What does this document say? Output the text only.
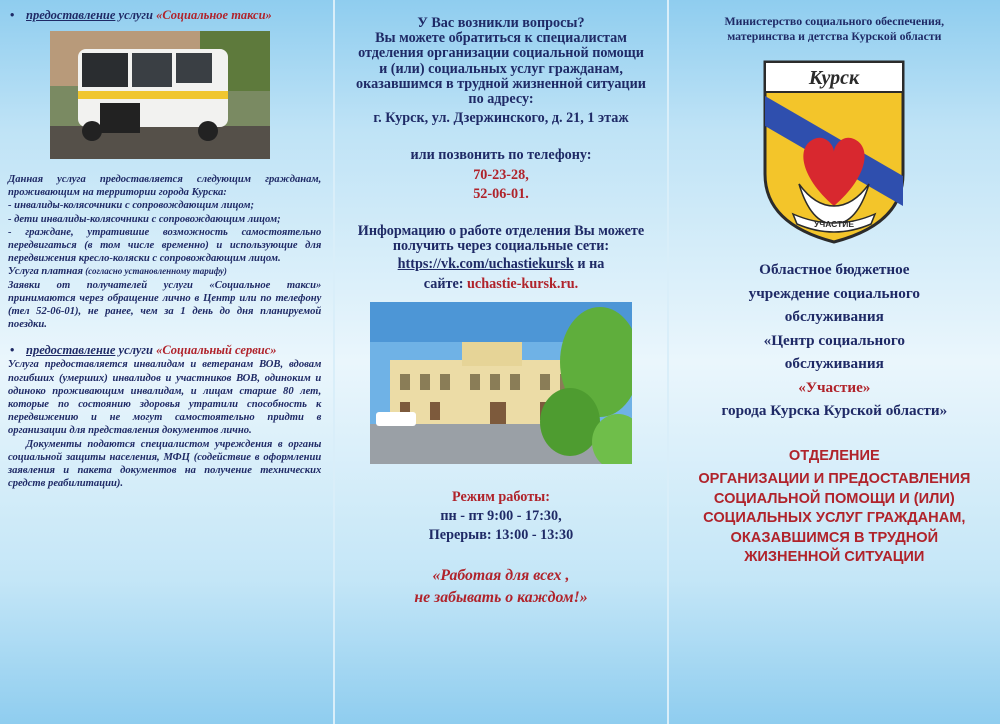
• предоставление услуги «Социальное такси»

Данная услуга предоставляется следующим гражданам, проживающим на территории города Курска:

- инвалиды-колясочники с сопровождающим лицом;

- дети инвалиды-колясочники с сопровождающим лицом;

- граждане, утратившие возможность самостоятельно передвигаться (в том числе временно) и использующие для передвижения кресло-коляски с сопровождающим лицом.

Услуга платная (согласно установленному тарифу)

Заявки от получателей услуги «Социальное такси» принимаются через обращение лично в Центр или по телефону (тел 52-06-01), не ранее, чем за 1 день до дня планируемой поездки.

• предоставление услуги «Социальный сервис»

Услуга предоставляется инвалидам и ветеранам ВОВ, вдовам погибших (умерших) инвалидов и участников ВОВ, одиноким и одиноко проживающим инвалидам, и лицам старше 80 лет, которые по состоянию здоровья утратили способность к передвижению и не могут самостоятельно придти в организации для представления документов лично.

Документы подаются специалистом учреждения в органы социальной защиты населения, МФЦ (содействие в оформлении заявления и пакета документов на получение технических средств реабилитации).

У Вас возникли вопросы?

Вы можете обратиться к специалистам отделения организации социальной помощи и (или) социальных услуг гражданам, оказавшимся в трудной жизненной ситуации

по адресу:

г. Курск, ул. Дзержинского, д. 21, 1 этаж

или позвонить по телефону:

70-23-28,

52-06-01.

Информацию о работе отделения Вы можете получить через социальные сети:

https://vk.com/uchastiekursk и на

сайте: uchastie-kursk.ru.

Режим работы:

пн - пт 9:00 - 17:30,

Перерыв: 13:00 - 13:30

«Работая для всех ,

не забывать о каждом!»

Министерство социального обеспечения, материнства и детства Курской области

Курск
УЧАСТИЕ

Областное бюджетное

учреждение социального

обслуживания

«Центр социального

обслуживания

«Участие»

города Курска Курской области»

ОТДЕЛЕНИЕ

ОРГАНИЗАЦИИ И ПРЕДОСТАВЛЕНИЯ СОЦИАЛЬНОЙ ПОМОЩИ И (ИЛИ) СОЦИАЛЬНЫХ УСЛУГ ГРАЖДАНАМ, ОКАЗАВШИМСЯ В ТРУДНОЙ ЖИЗНЕННОЙ СИТУАЦИИ
